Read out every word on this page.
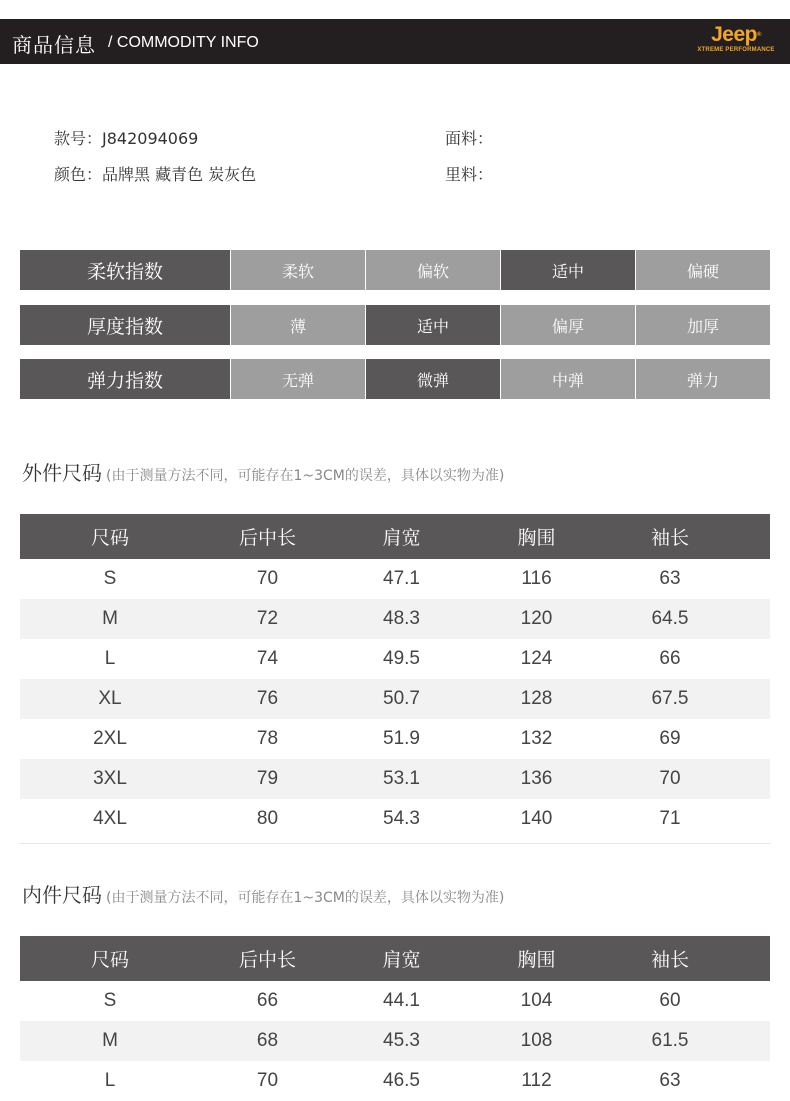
商品信息 / COMMODITY INFO	Jeep®
XTREME PERFORMANCE
款号：J842094069
颜色：品牌黑 藏青色 炭灰色
面料：
里料：
柔软指数	柔软	偏软	适中	偏硬
厚度指数	薄	适中	偏厚	加厚
弹力指数	无弹	微弹	中弹	弹力
外件尺码 (由于测量方法不同，可能存在1~3CM的误差，具体以实物为准)
尺码	后中长	肩宽	胸围	袖长	
S	70	47.1	116	63	
M	72	48.3	120	64.5	
L	74	49.5	124	66	
XL	76	50.7	128	67.5	
2XL	78	51.9	132	69	
3XL	79	53.1	136	70	
4XL	80	54.3	140	71	
内件尺码 (由于测量方法不同，可能存在1~3CM的误差，具体以实物为准)
尺码	后中长	肩宽	胸围	袖长	
S	66	44.1	104	60	
M	68	45.3	108	61.5	
L	70	46.5	112	63	
